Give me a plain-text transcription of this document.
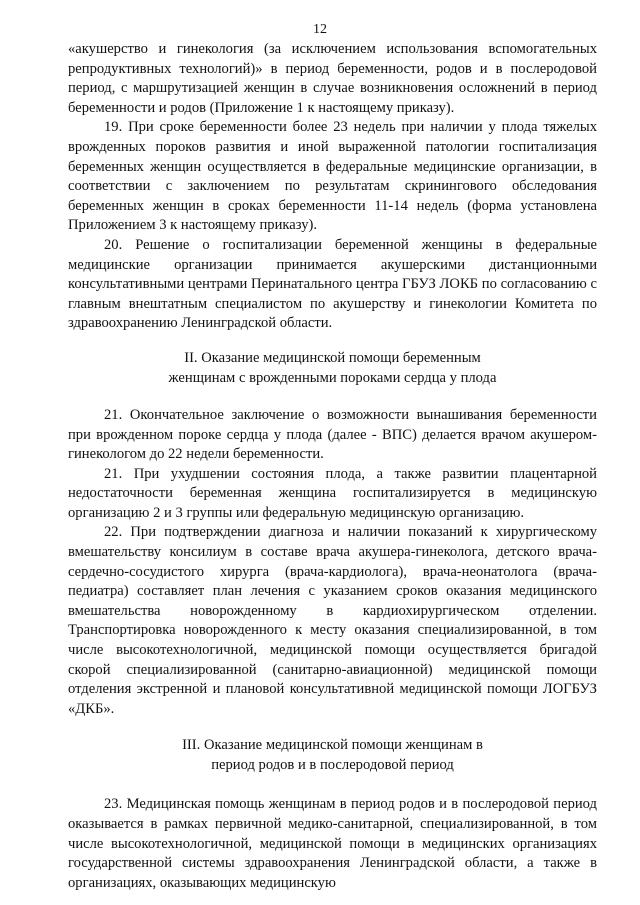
12

«акушерство и гинекология (за исключением использования вспомогательных репродуктивных технологий)» в период беременности, родов и в послеродовой период, с маршрутизацией женщин в случае возникновения осложнений в период беременности и родов (Приложение 1 к настоящему приказу).

19. При сроке беременности более 23 недель при наличии у плода тяжелых врожденных пороков развития и иной выраженной патологии госпитализация беременных женщин осуществляется в федеральные медицинские организации, в соответствии с заключением по результатам скринингового обследования беременных женщин в сроках беременности 11-14 недель (форма установлена Приложением 3 к настоящему приказу).

20. Решение о госпитализации беременной женщины в федеральные медицинские организации принимается акушерскими дистанционными консультативными центрами Перинатального центра ГБУЗ ЛОКБ по согласованию с главным внештатным специалистом по акушерству и гинекологии Комитета по здравоохранению Ленинградской области.

II. Оказание медицинской помощи беременным
женщинам с врожденными пороками сердца у плода

21. Окончательное заключение о возможности вынашивания беременности при врожденном пороке сердца у плода (далее - ВПС) делается врачом акушером-гинекологом до 22 недели беременности.

21. При ухудшении состояния плода, а также развитии плацентарной недостаточности беременная женщина госпитализируется в медицинскую организацию 2 и 3 группы или федеральную медицинскую организацию.

22. При подтверждении диагноза и наличии показаний к хирургическому вмешательству консилиум в составе врача акушера-гинеколога, детского врача-сердечно-сосудистого хирурга (врача-кардиолога), врача-неонатолога (врача-педиатра) составляет план лечения с указанием сроков оказания медицинского вмешательства новорожденному в кардиохирургическом отделении. Транспортировка новорожденного к месту оказания специализированной, в том числе высокотехнологичной, медицинской помощи осуществляется бригадой скорой специализированной (санитарно-авиационной) медицинской помощи отделения экстренной и плановой консультативной медицинской помощи ЛОГБУЗ «ДКБ».

III. Оказание медицинской помощи женщинам в
период родов и в послеродовой период

23. Медицинская помощь женщинам в период родов и в послеродовой период оказывается в рамках первичной медико-санитарной, специализированной, в том числе высокотехнологичной, медицинской помощи в медицинских организациях государственной системы здравоохранения Ленинградской области, а также в организациях, оказывающих медицинскую
